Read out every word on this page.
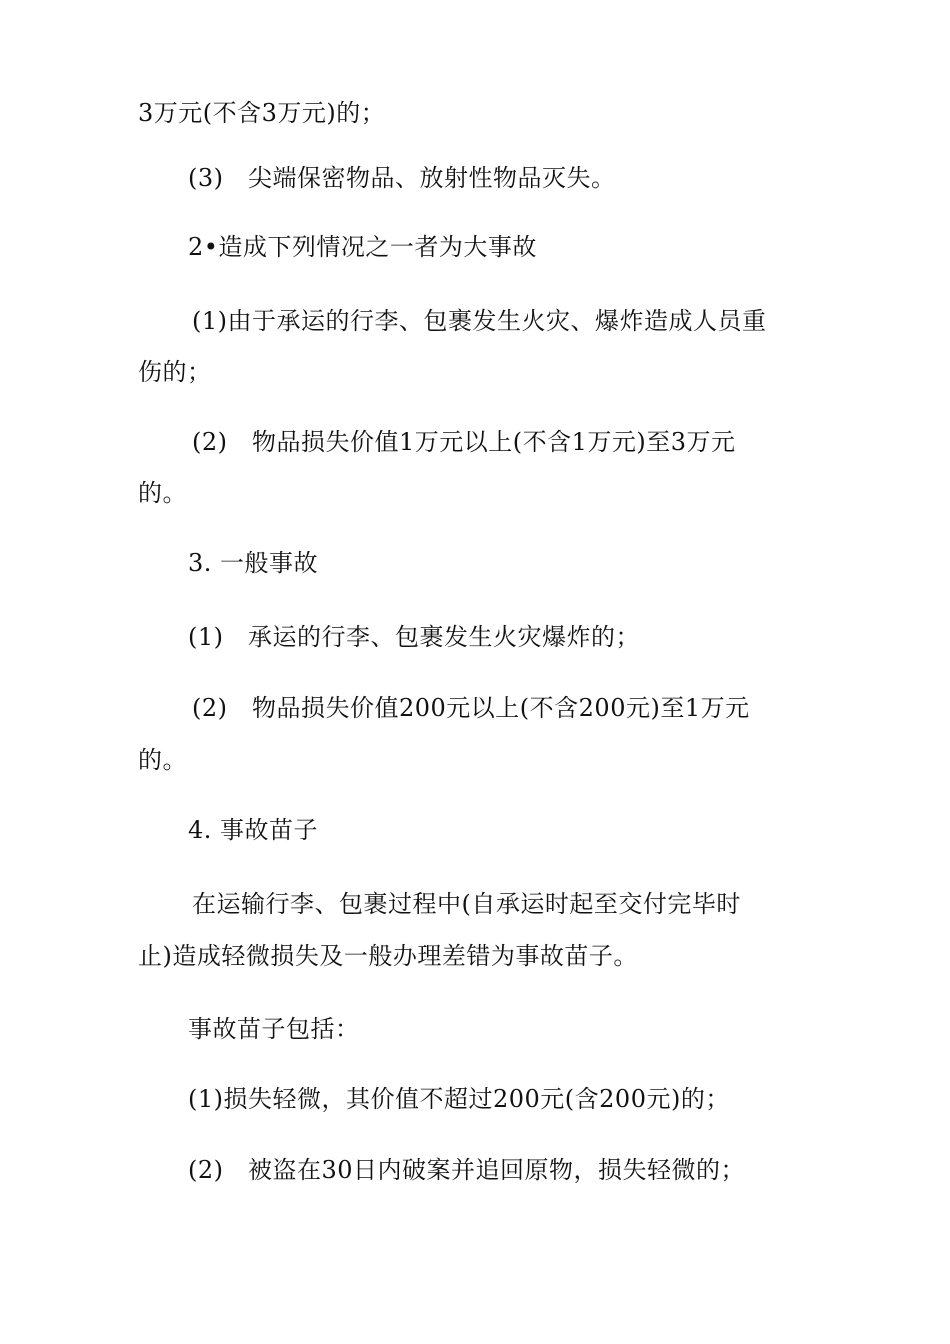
3万元(不含3万元)的；
(3)　尖端保密物品、放射性物品灭失。
2•造成下列情况之一者为大事故
(1)由于承运的行李、包裹发生火灾、爆炸造成人员重
伤的；
(2)　物品损失价值1万元以上(不含1万元)至3万元
的。
3. 一般事故
(1)　承运的行李、包裹发生火灾爆炸的；
(2)　物品损失价值200元以上(不含200元)至1万元
的。
4. 事故苗子
在运输行李、包裹过程中(自承运时起至交付完毕时
止)造成轻微损失及一般办理差错为事故苗子。
事故苗子包括：
(1)损失轻微，其价值不超过200元(含200元)的；
(2)　被盗在30日内破案并追回原物，损失轻微的；
